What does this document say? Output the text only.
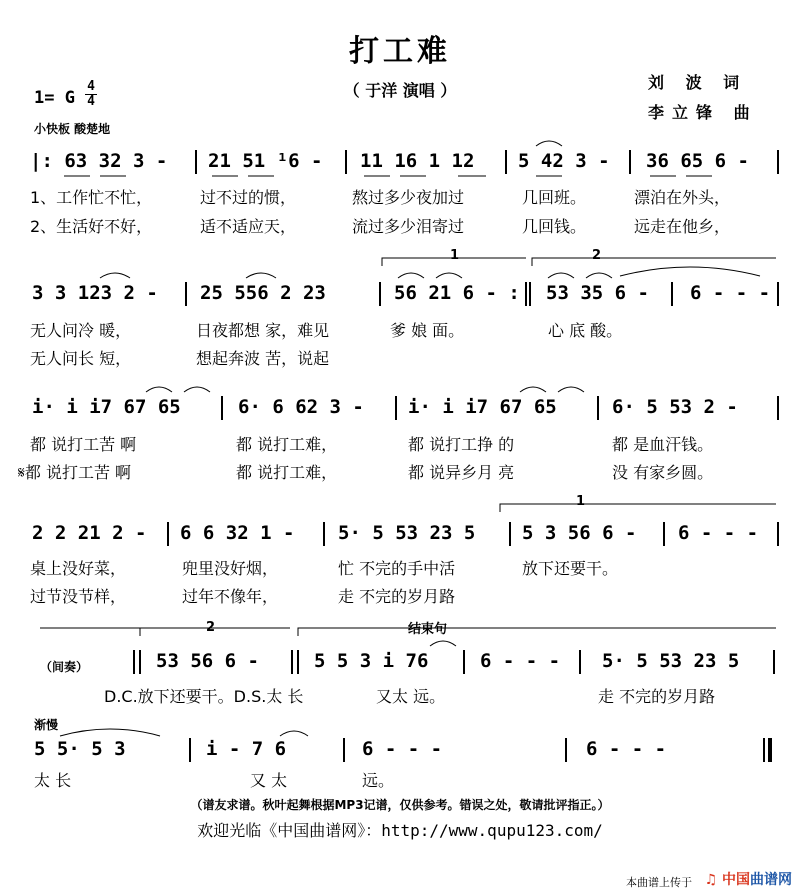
打工难
（ 于洋 演唱 ）	刘 波 词
李立锋 曲
1= G
4
4
小快板 酸楚地
|: 63 32 3 - 21 51 ¹6 - 11 16 1 12 5 42 3 - 36 65 6 -
1、工作忙不忙，	过不过的惯，	熬过多少夜加过	几回班。	漂泊在外头，
2、生活好不好，	适不适应天，	流过多少泪寄过	几回钱。	远走在他乡，
1	2
3 3 123 2 - 25 556 2 23	56 21 6 - : 53 35 6 - 6 - - -
无人问冷 暖，	日夜都想 家，难见	爹 娘 面。	心 底 酸。
无人问长 短，	想起奔波 苦，说起
i· i i7 67 65	6· 6 62 3 - i· i i7 67 65	6· 5 53 2 -
都 说打工苦 啊	都 说打工难，	都 说打工挣 的	都 是血汗钱。
𝄋都 说打工苦 啊	都 说打工难，	都 说异乡月 亮	没 有家乡圆。
1
2 2 21 2 - 6 6 32 1 - 5· 5 53 23 5 5 3 56 6 - 6 - - -
桌上没好菜，	兜里没好烟，	忙 不完的手中活	放下还要干。
过节没节样，	过年不像年，	走 不完的岁月路
2	结束句
（间奏）	53 56 6 -	5 5 3 i 76	6 - - - 5· 5 53 23 5
D.C.放下还要干。D.S.太 长	又太 远。	走 不完的岁月路
渐慢
5 5· 5 3	i - 7 6	6 - - -	6 - - -
太 长	又 太	远。
（谱友求谱。秋叶起舞根据MP3记谱，仅供参考。错误之处，敬请批评指正。）
欢迎光临《中国曲谱网》：http://www.qupu123.com/
本曲谱上传于 ♫ 中国曲谱网
